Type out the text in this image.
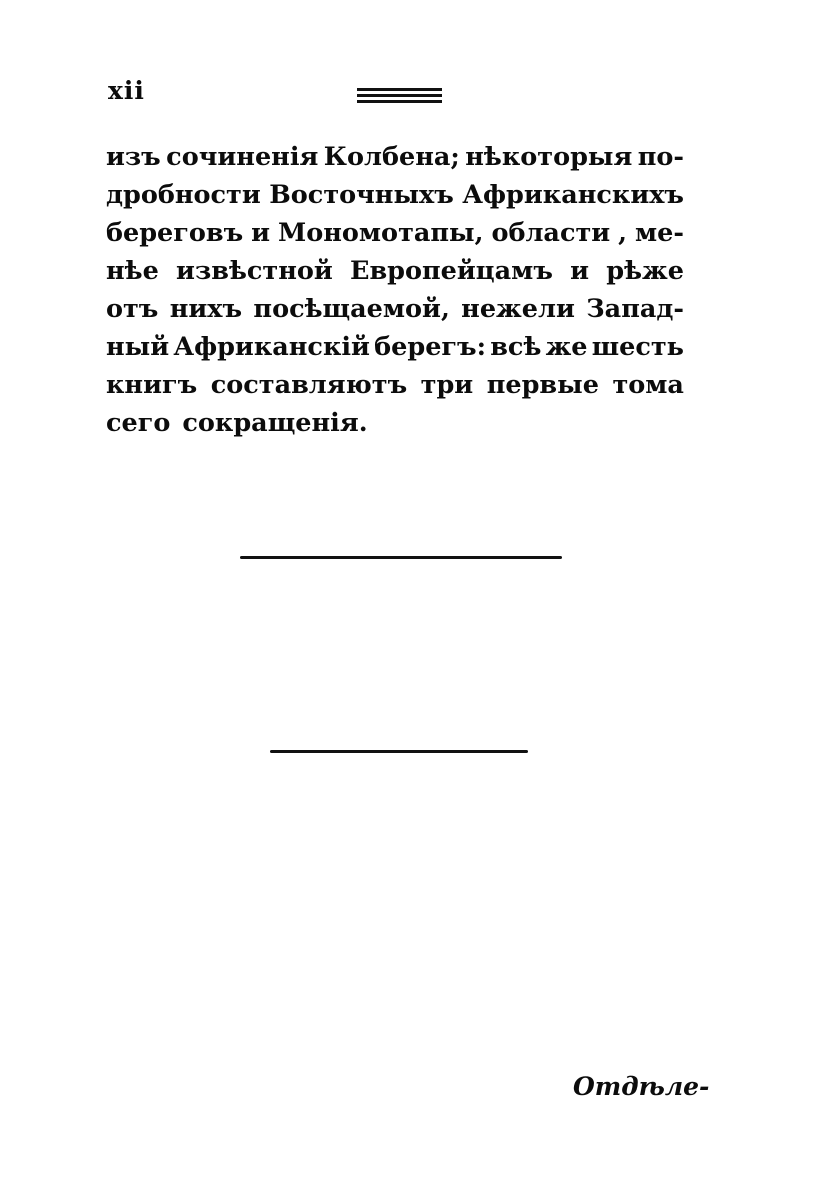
xii
изъ сочиненія Колбена; нѣкоторыя по-
дробности Восточныхъ Африканскихъ
береговъ и Мономотапы, области , ме-
нѣе извѣстной Европейцамъ и рѣже
отъ нихъ посѣщаемой, нежели Запад-
ный Африканскій берегъ: всѣ же шесть
книгъ составляютъ три первые тома
сего сокращенія.
Отдѣле-
